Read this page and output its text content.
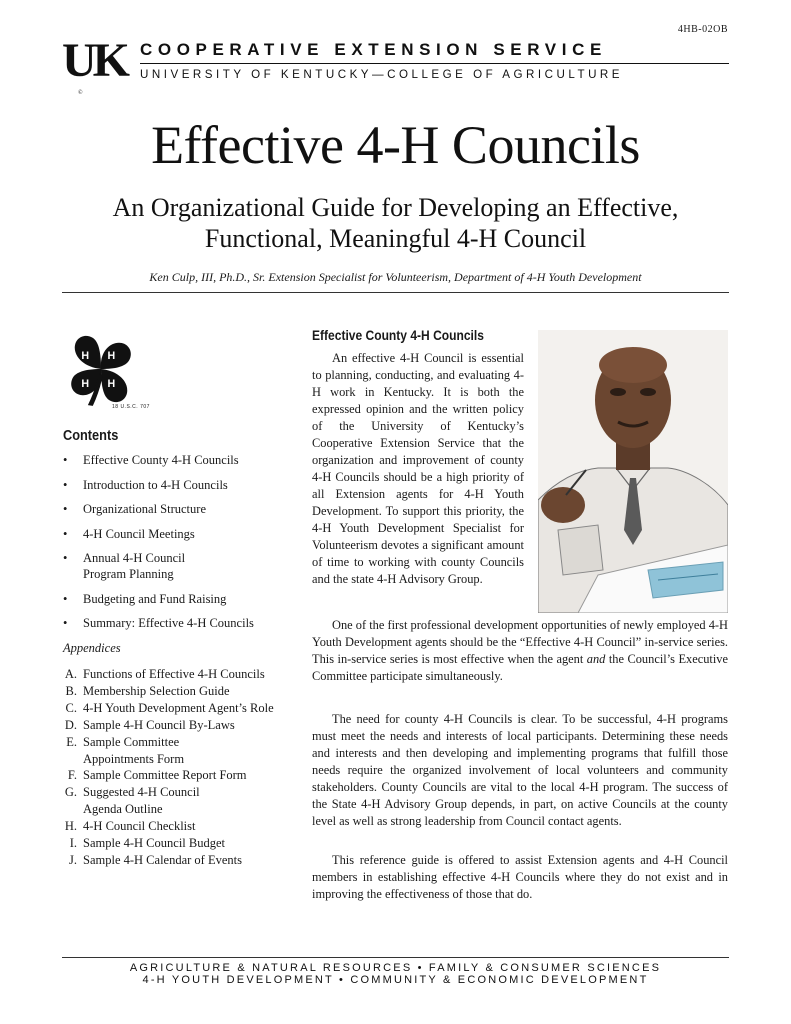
4HB-02OB
UK
©
COOPERATIVE EXTENSION SERVICE
UNIVERSITY OF KENTUCKY—COLLEGE OF AGRICULTURE
Effective 4-H Councils
An Organizational Guide for Developing an Effective, Functional, Meaningful 4-H Council
Ken Culp, III, Ph.D., Sr. Extension Specialist for Volunteerism, Department of 4-H Youth Development
H H
H
H
18 U.S.C. 707
Contents
• Effective County 4-H Councils
• Introduction to 4-H Councils
• Organizational Structure
• 4-H Council Meetings
• Annual 4-H Council Program Planning
• Budgeting and Fund Raising
• Summary: Effective 4-H Councils
Appendices
A. Functions of Effective 4-H Councils
B. Membership Selection Guide
C. 4-H Youth Development Agent’s Role
D. Sample 4-H Council By-Laws
E. Sample Committee Appointments Form
F. Sample Committee Report Form
G. Suggested 4-H Council Agenda Outline
H. 4-H Council Checklist
I. Sample 4-H Council Budget
J. Sample 4-H Calendar of Events
Effective County 4-H Councils

An effective 4-H Council is essential to planning, conducting, and evaluating 4-H work in Kentucky. It is both the expressed opinion and the written policy of the University of Kentucky’s Cooperative Extension Service that the organization and improvement of county 4-H Councils should be a high priority of all Extension agents for 4-H Youth Development. To support this priority, the 4-H Youth Development Specialist for Volunteerism devotes a significant amount of time to working with county Councils and the state 4-H Advisory Group.

One of the first professional development opportunities of newly employed 4-H Youth Development agents should be the “Effective 4-H Council” in-service series. This in-service series is most effective when the agent and the Council’s Executive Committee participate simultaneously.

The need for county 4-H Councils is clear. To be successful, 4-H programs must meet the needs and interests of local participants. Determining these needs and interests and then developing and implementing programs that fulfill those needs require the organized involvement of local volunteers and community stakeholders. County Councils are vital to the local 4-H program. The success of the State 4-H Advisory Group depends, in part, on active Councils at the county level as well as strong leadership from Council contact agents.

This reference guide is offered to assist Extension agents and 4-H Council members in establishing effective 4-H Councils where they do not exist and in improving the effectiveness of those that do.

AGRICULTURE & NATURAL RESOURCES • FAMILY & CONSUMER SCIENCES
4-H YOUTH DEVELOPMENT • COMMUNITY & ECONOMIC DEVELOPMENT
